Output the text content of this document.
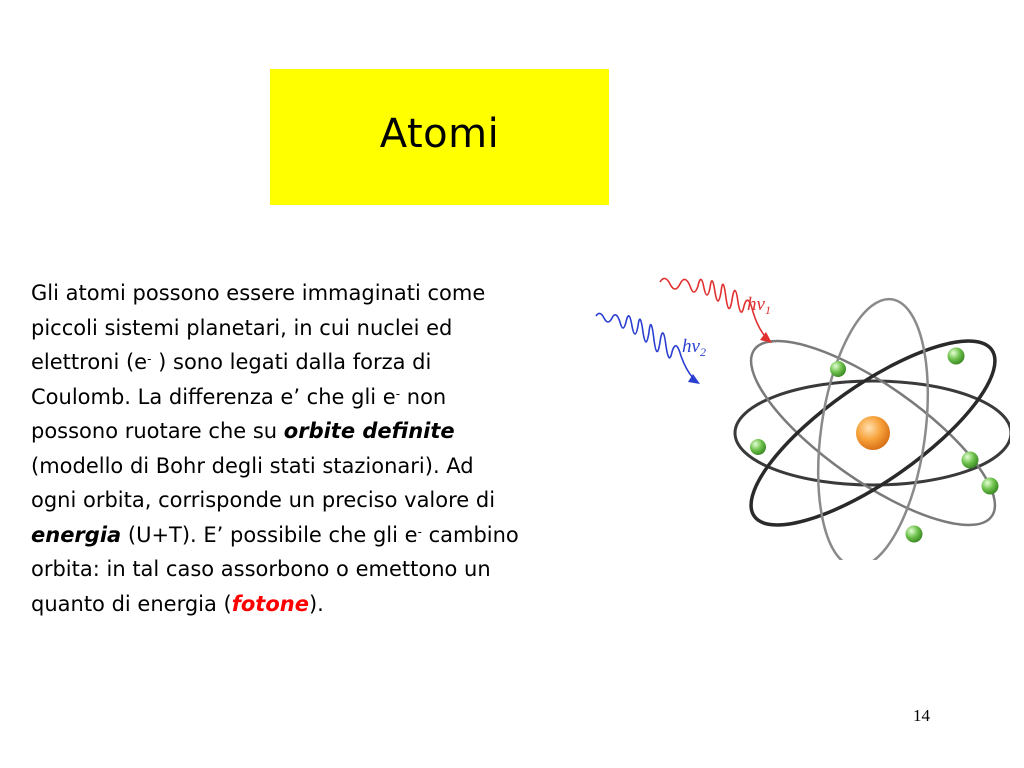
Atomi
Gli atomi possono essere immaginati come
piccoli sistemi planetari, in cui nuclei ed
elettroni (e- ) sono legati dalla forza di
Coulomb. La differenza e’ che gli e- non
possono ruotare che su orbite definite
(modello di Bohr degli stati stazionari). Ad
ogni orbita, corrisponde un preciso valore di
energia (U+T). E’ possibile che gli e- cambino
orbita: in tal caso assorbono o emettono un
quanto di energia (fotone).
$h\nu_1$
$h\nu_2$
14
